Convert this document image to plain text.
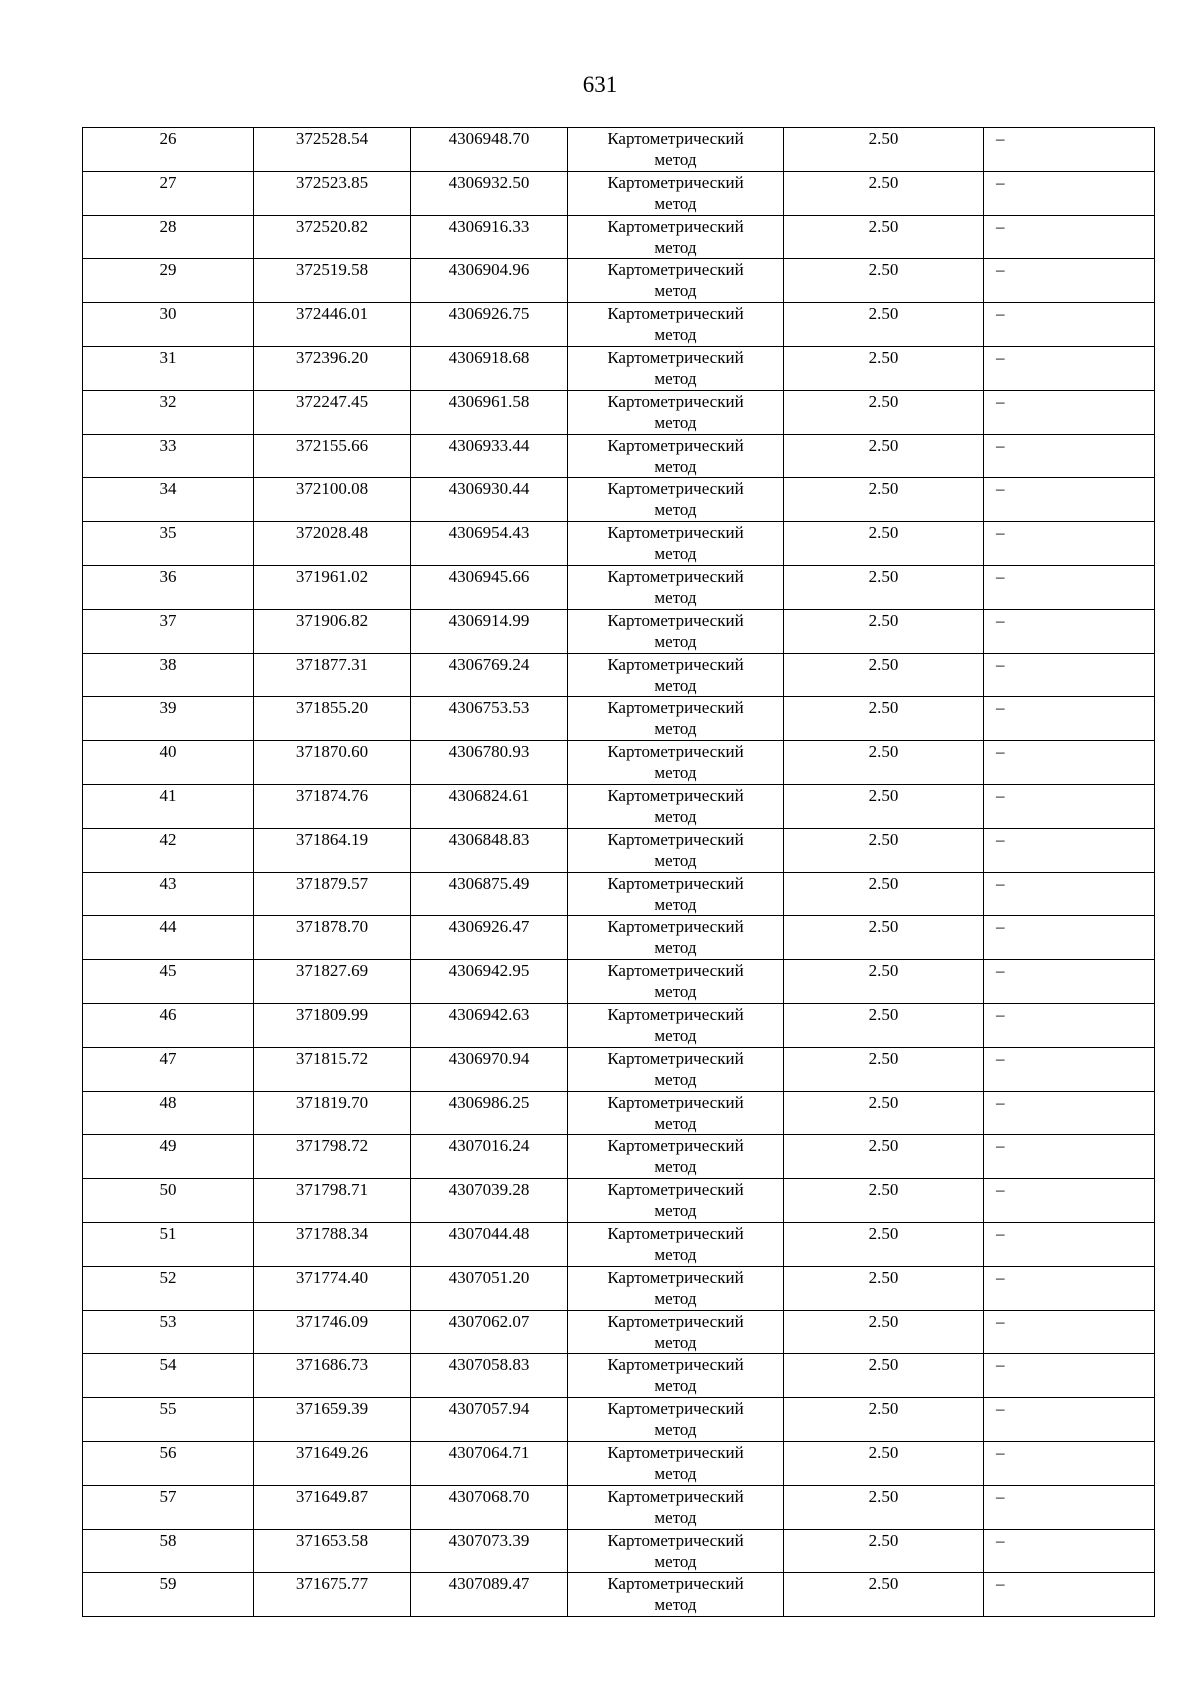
631
26	372528.54	4306948.70	Картометрический
метод	2.50	–

27	372523.85	4306932.50	Картометрический
метод	2.50	–

28	372520.82	4306916.33	Картометрический
метод	2.50	–

29	372519.58	4306904.96	Картометрический
метод	2.50	–

30	372446.01	4306926.75	Картометрический
метод	2.50	–

31	372396.20	4306918.68	Картометрический
метод	2.50	–

32	372247.45	4306961.58	Картометрический
метод	2.50	–

33	372155.66	4306933.44	Картометрический
метод	2.50	–

34	372100.08	4306930.44	Картометрический
метод	2.50	–

35	372028.48	4306954.43	Картометрический
метод	2.50	–

36	371961.02	4306945.66	Картометрический
метод	2.50	–

37	371906.82	4306914.99	Картометрический
метод	2.50	–

38	371877.31	4306769.24	Картометрический
метод	2.50	–

39	371855.20	4306753.53	Картометрический
метод	2.50	–

40	371870.60	4306780.93	Картометрический
метод	2.50	–

41	371874.76	4306824.61	Картометрический
метод	2.50	–

42	371864.19	4306848.83	Картометрический
метод	2.50	–

43	371879.57	4306875.49	Картометрический
метод	2.50	–

44	371878.70	4306926.47	Картометрический
метод	2.50	–

45	371827.69	4306942.95	Картометрический
метод	2.50	–

46	371809.99	4306942.63	Картометрический
метод	2.50	–

47	371815.72	4306970.94	Картометрический
метод	2.50	–

48	371819.70	4306986.25	Картометрический
метод	2.50	–

49	371798.72	4307016.24	Картометрический
метод	2.50	–

50	371798.71	4307039.28	Картометрический
метод	2.50	–

51	371788.34	4307044.48	Картометрический
метод	2.50	–

52	371774.40	4307051.20	Картометрический
метод	2.50	–

53	371746.09	4307062.07	Картометрический
метод	2.50	–

54	371686.73	4307058.83	Картометрический
метод	2.50	–

55	371659.39	4307057.94	Картометрический
метод	2.50	–

56	371649.26	4307064.71	Картометрический
метод	2.50	–

57	371649.87	4307068.70	Картометрический
метод	2.50	–

58	371653.58	4307073.39	Картометрический
метод	2.50	–

59	371675.77	4307089.47	Картометрический
метод	2.50	–
